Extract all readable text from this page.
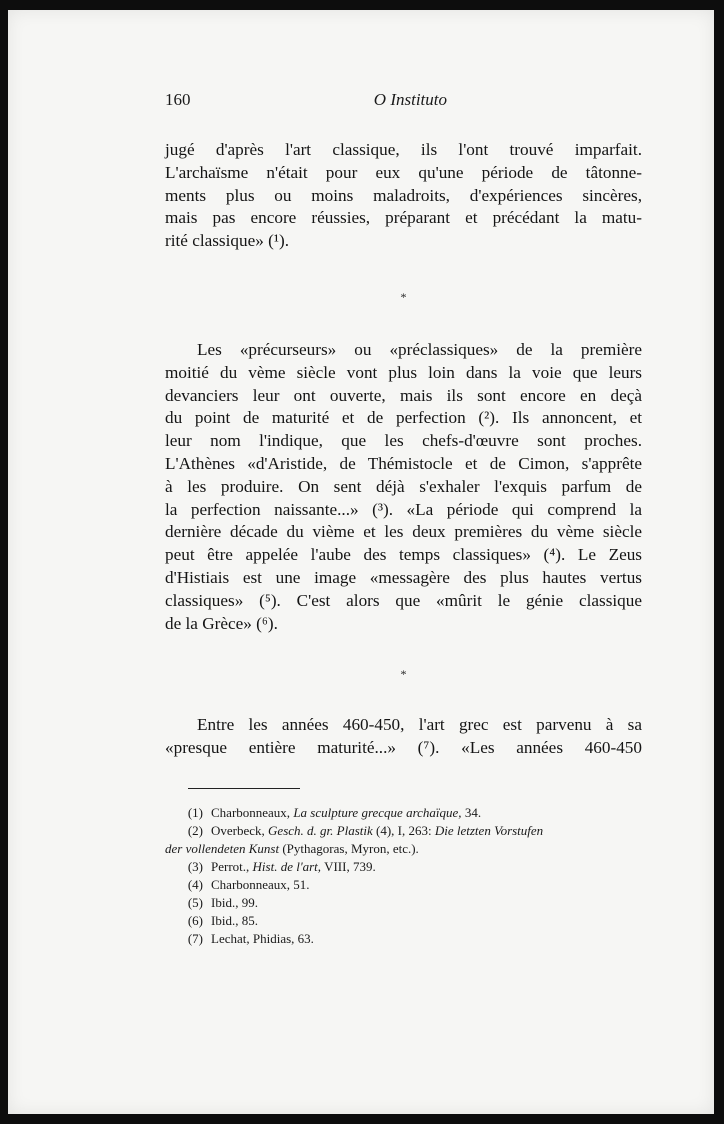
160	O Instituto
jugé d'après l'art classique, ils l'ont trouvé imparfait.
L'archaïsme n'était pour eux qu'une période de tâtonne-
ments plus ou moins maladroits, d'expériences sincères,
mais pas encore réussies, préparant et précédant la matu-
rité classique» (¹).
*
Les «précurseurs» ou «préclassiques» de la première
moitié du vème siècle vont plus loin dans la voie que leurs
devanciers leur ont ouverte, mais ils sont encore en deçà
du point de maturité et de perfection (²). Ils annoncent, et
leur nom l'indique, que les chefs-d'œuvre sont proches.
L'Athènes «d'Aristide, de Thémistocle et de Cimon, s'apprête
à les produire. On sent déjà s'exhaler l'exquis parfum de
la perfection naissante...» (³). «La période qui comprend la
dernière décade du vième et les deux premières du vème siècle
peut être appelée l'aube des temps classiques» (⁴). Le Zeus
d'Histiais est une image «messagère des plus hautes vertus
classiques» (⁵). C'est alors que «mûrit le génie classique
de la Grèce» (⁶).
*
Entre les années 460-450, l'art grec est parvenu à sa
«presque entière maturité...» (⁷). «Les années 460-450
(1) Charbonneaux, La sculpture grecque archaïque, 34.
(2) Overbeck, Gesch. d. gr. Plastik (4), I, 263: Die letzten Vorstufen
der vollendeten Kunst (Pythagoras, Myron, etc.).
(3) Perrot., Hist. de l'art, VIII, 739.
(4) Charbonneaux, 51.
(5) Ibid., 99.
(6) Ibid., 85.
(7) Lechat, Phidias, 63.
